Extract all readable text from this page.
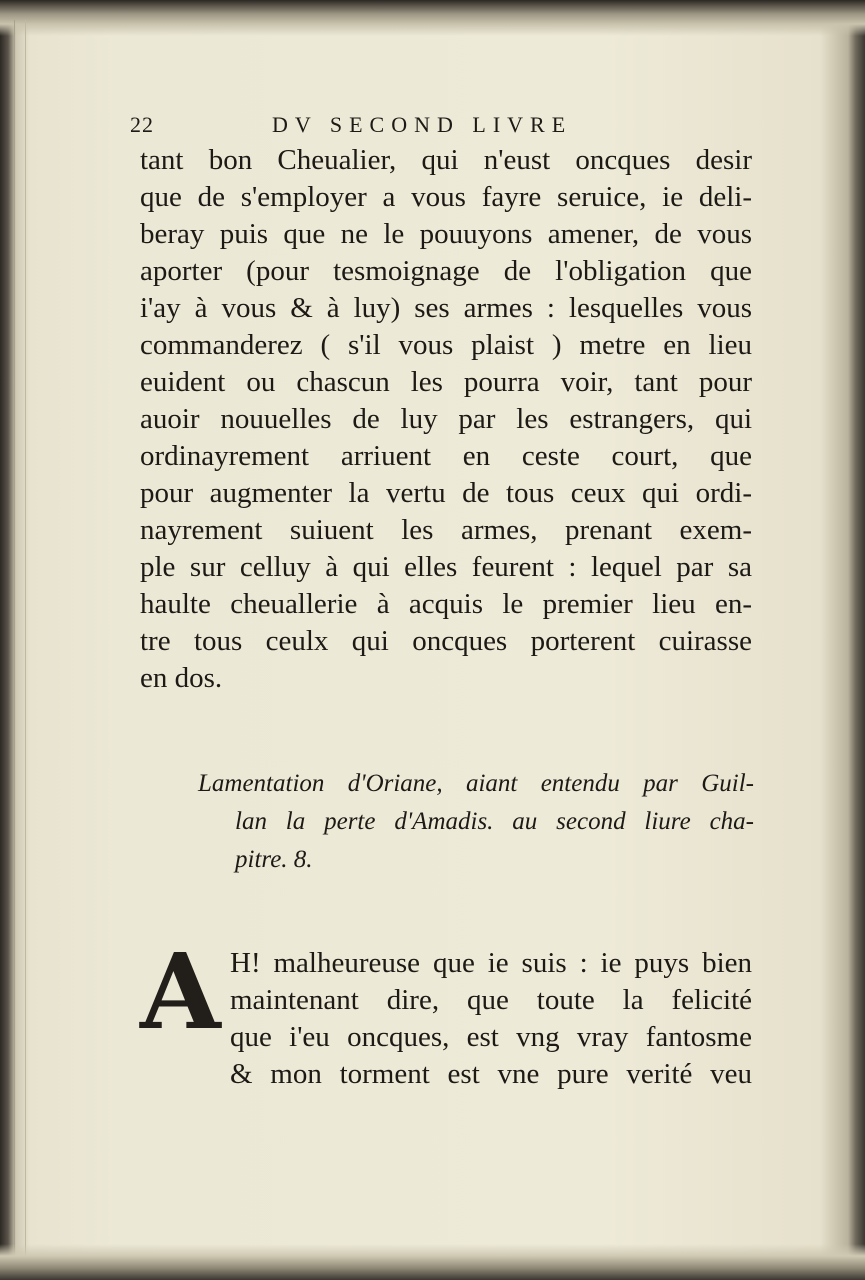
22	DV SECOND LIVRE
tant bon Cheualier, qui n'eust oncques desir
que de s'employer a vous fayre seruice, ie deli-
beray puis que ne le pouuyons amener, de vous
aporter (pour tesmoignage de l'obligation que
i'ay à vous & à luy) ses armes : lesquelles vous
commanderez ( s'il vous plaist ) metre en lieu
euident ou chascun les pourra voir, tant pour
auoir nouuelles de luy par les estrangers, qui
ordinayrement arriuent en ceste court, que
pour augmenter la vertu de tous ceux qui ordi-
nayrement suiuent les armes, prenant exem-
ple sur celluy à qui elles feurent : lequel par sa
haulte cheuallerie à acquis le premier lieu en-
tre tous ceulx qui oncques porterent cuirasse
en dos.
Lamentation d'Oriane, aiant entendu par Guil-
lan la perte d'Amadis. au second liure cha-
pitre. 8.
A H! malheureuse que ie suis : ie puys bien
maintenant dire, que toute la felicité
que i'eu oncques, est vng vray fantosme
& mon torment est vne pure verité veu
